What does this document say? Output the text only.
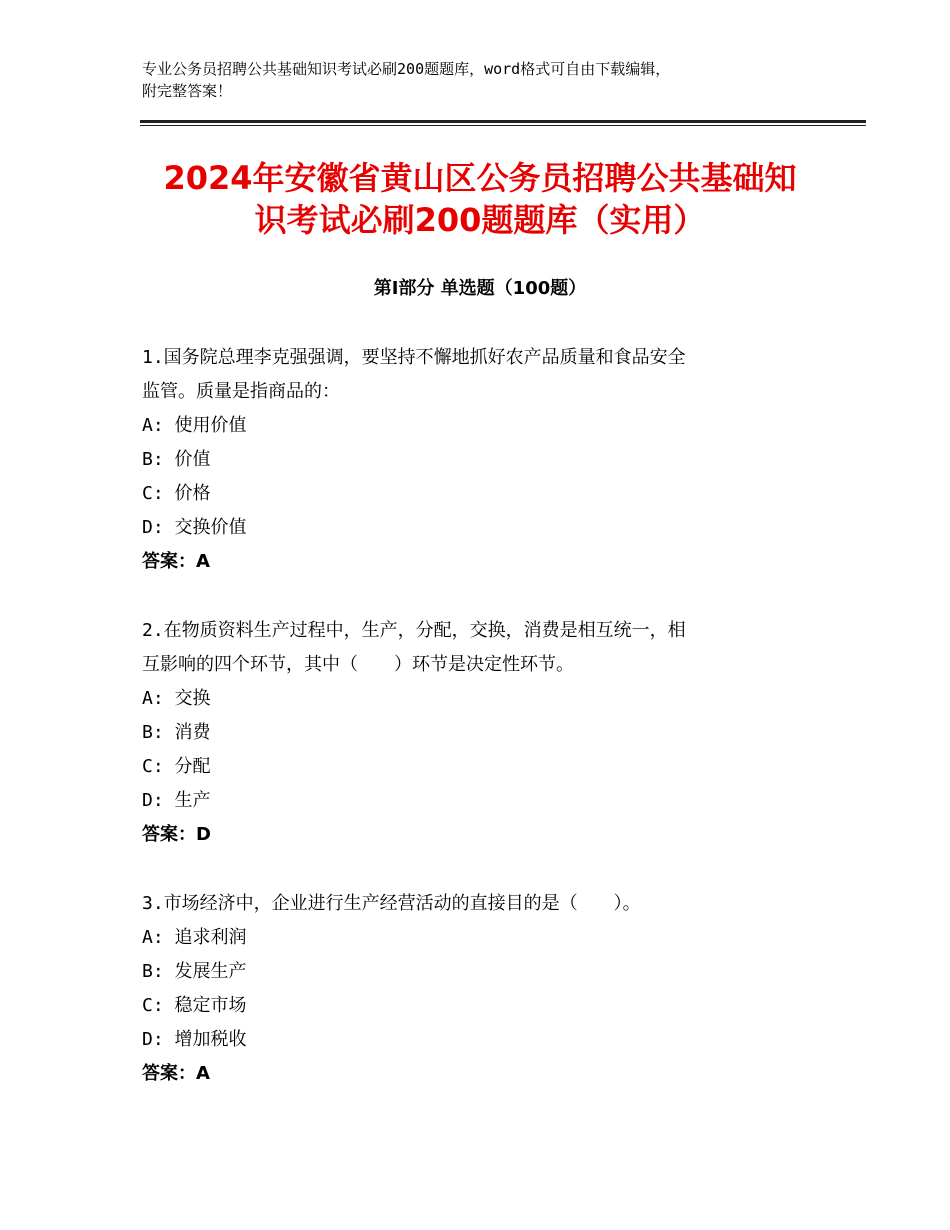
专业公务员招聘公共基础知识考试必刷200题题库，word格式可自由下载编辑，
附完整答案！
2024年安徽省黄山区公务员招聘公共基础知
识考试必刷200题题库（实用）
第Ⅰ部分 单选题（100题）
1.国务院总理李克强强调，要坚持不懈地抓好农产品质量和食品安全
监管。质量是指商品的：
A: 使用价值
B: 价值
C: 价格
D: 交换价值
答案：A
2.在物质资料生产过程中，生产，分配，交换，消费是相互统一，相
互影响的四个环节，其中（　　）环节是决定性环节。
A: 交换
B: 消费
C: 分配
D: 生产
答案：D
3.市场经济中，企业进行生产经营活动的直接目的是（　　）。
A: 追求利润
B: 发展生产
C: 稳定市场
D: 增加税收
答案：A
